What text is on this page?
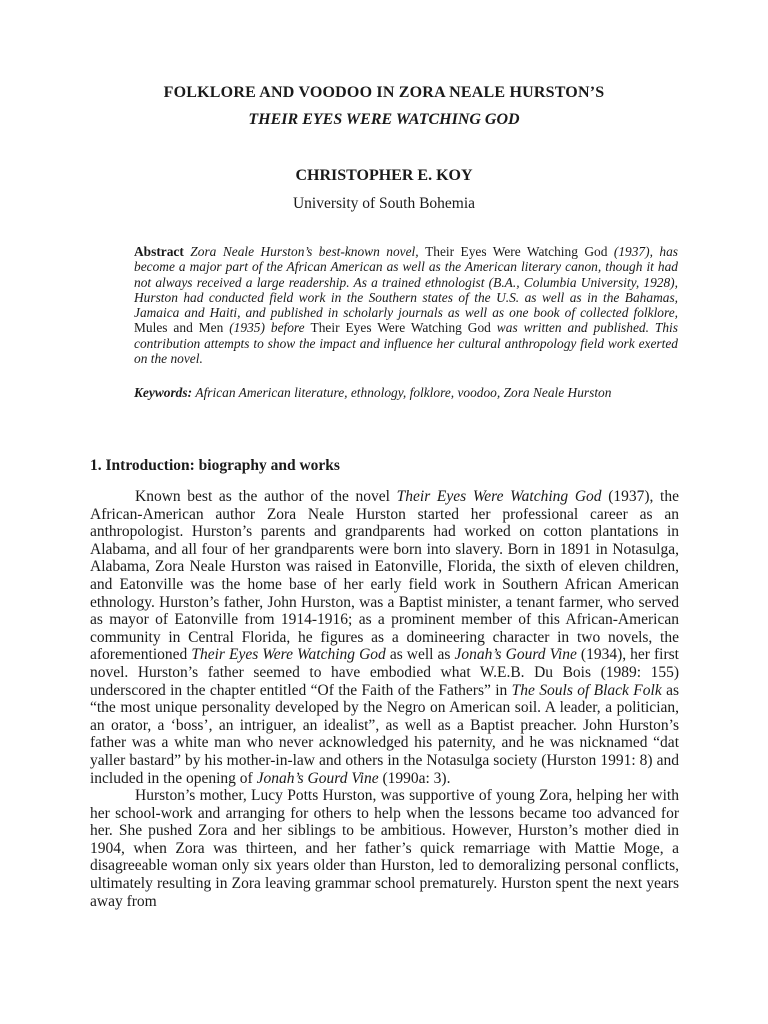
FOLKLORE AND VOODOO IN ZORA NEALE HURSTON’S
THEIR EYES WERE WATCHING GOD
CHRISTOPHER E. KOY
University of South Bohemia

Abstract Zora Neale Hurston’s best-known novel, Their Eyes Were Watching God (1937), has become a major part of the African American as well as the American literary canon, though it had not always received a large readership. As a trained ethnologist (B.A., Columbia University, 1928), Hurston had conducted field work in the Southern states of the U.S. as well as in the Bahamas, Jamaica and Haiti, and published in scholarly journals as well as one book of collected folklore, Mules and Men (1935) before Their Eyes Were Watching God was written and published. This contribution attempts to show the impact and influence her cultural anthropology field work exerted on the novel.

Keywords: African American literature, ethnology, folklore, voodoo, Zora Neale Hurston

1. Introduction: biography and works

Known best as the author of the novel Their Eyes Were Watching God (1937), the African-American author Zora Neale Hurston started her professional career as an anthropologist. Hurston’s parents and grandparents had worked on cotton plantations in Alabama, and all four of her grandparents were born into slavery. Born in 1891 in Notasulga, Alabama, Zora Neale Hurston was raised in Eatonville, Florida, the sixth of eleven children, and Eatonville was the home base of her early field work in Southern African American ethnology. Hurston’s father, John Hurston, was a Baptist minister, a tenant farmer, who served as mayor of Eatonville from 1914-1916; as a prominent member of this African-American community in Central Florida, he figures as a domineering character in two novels, the aforementioned Their Eyes Were Watching God as well as Jonah’s Gourd Vine (1934), her first novel. Hurston’s father seemed to have embodied what W.E.B. Du Bois (1989: 155) underscored in the chapter entitled “Of the Faith of the Fathers” in The Souls of Black Folk as “the most unique personality developed by the Negro on American soil. A leader, a politician, an orator, a ‘boss’, an intriguer, an idealist”, as well as a Baptist preacher. John Hurston’s father was a white man who never acknowledged his paternity, and he was nicknamed “dat yaller bastard” by his mother-in-law and others in the Notasulga society (Hurston 1991: 8) and included in the opening of Jonah’s Gourd Vine (1990a: 3).

Hurston’s mother, Lucy Potts Hurston, was supportive of young Zora, helping her with her school-work and arranging for others to help when the lessons became too advanced for her. She pushed Zora and her siblings to be ambitious. However, Hurston’s mother died in 1904, when Zora was thirteen, and her father’s quick remarriage with Mattie Moge, a disagreeable woman only six years older than Hurston, led to demoralizing personal conflicts, ultimately resulting in Zora leaving grammar school prematurely. Hurston spent the next years away from
